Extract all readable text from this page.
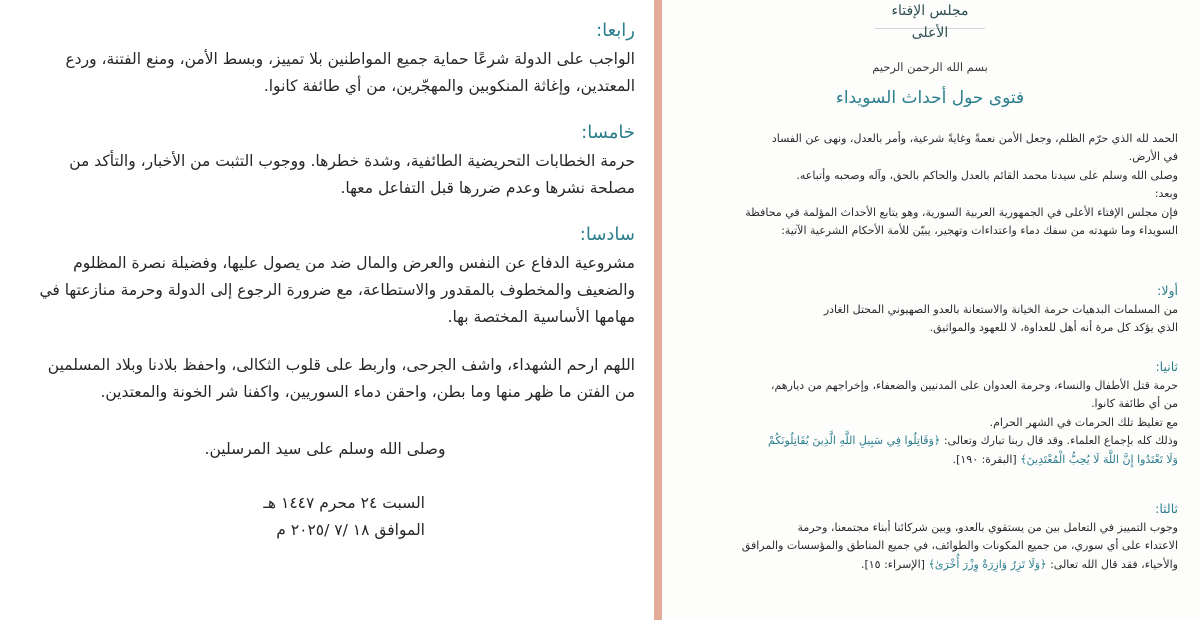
رابعا:

الواجب على الدولة شرعًا حماية جميع المواطنين بلا تمييز، وبسط الأمن، ومنع الفتنة، وردع

المعتدين، وإغاثة المنكوبين والمهجّرين، من أي طائفة كانوا.

خامسا:

حرمة الخطابات التحريضية الطائفية، وشدة خطرها. ووجوب التثبت من الأخبار، والتأكد من

مصلحة نشرها وعدم ضررها قبل التفاعل معها.

سادسا:

مشروعية الدفاع عن النفس والعرض والمال ضد من يصول عليها، وفضيلة نصرة المظلوم

والضعيف والمخطوف بالمقدور والاستطاعة، مع ضرورة الرجوع إلى الدولة وحرمة منازعتها في

مهامها الأساسية المختصة بها.

اللهم ارحم الشهداء، واشف الجرحى، واربط على قلوب الثكالى، واحفظ بلادنا وبلاد المسلمين

من الفتن ما ظهر منها وما بطن، واحقن دماء السوريين، واكفنا شر الخونة والمعتدين.

وصلى الله وسلم على سيد المرسلين.

السبت ٢٤ محرم ١٤٤٧ هـ

الموافق ١٨ /٧ /٢٠٢٥ م

مجلس الإفتاء الأعلى
بسم الله الرحمن الرحيم
فتوى حول أحداث السويداء

الحمد لله الذي حرّم الظلم، وجعل الأمن نعمةً وغايةً شرعية، وأمر بالعدل، ونهى عن الفساد

في الأرض.

وصلى الله وسلم على سيدنا محمد القائم بالعدل والحاكم بالحق، وآله وصحبه وأتباعه.

وبعد:

فإن مجلس الإفتاء الأعلى في الجمهورية العربية السورية، وهو يتابع الأحداث المؤلمة في محافظة

السويداء وما شهدته من سفك دماء واعتداءات وتهجير، يبيّن للأمة الأحكام الشرعية الآتية:

أولا:

من المسلمات البدهيات حرمة الخيانة والاستعانة بالعدو الصهيوني المحتل الغادر

الذي يؤكد كل مرة أنه أهل للعداوة، لا للعهود والمواثيق.

ثانيا:

حرمة قتل الأطفال والنساء، وحرمة العدوان على المدنيين والضعفاء، وإخراجهم من ديارهم،

من أي طائفة كانوا.

مع تغليظ تلك الحرمات في الشهر الحرام.

وذلك كله بإجماع العلماء. وقد قال ربنا تبارك وتعالى: ﴿وَقَاتِلُوا فِي سَبِيلِ اللَّهِ الَّذِينَ يُقَاتِلُونَكُمْ

وَلَا تَعْتَدُوا إِنَّ اللَّهَ لَا يُحِبُّ الْمُعْتَدِينَ﴾ [البقرة: ١٩٠].

ثالثا:

وجوب التمييز في التعامل بين من يستقوي بالعدو، وبين شركائنا أبناء مجتمعنا، وحرمة

الاعتداء على أي سوري، من جميع المكونات والطوائف، في جميع المناطق والمؤسسات والمرافق

والأحياء، فقد قال الله تعالى: ﴿وَلَا تَزِرُ وَازِرَةٌ وِزْرَ أُخْرَىٰ﴾ [الإسراء: ١٥].
